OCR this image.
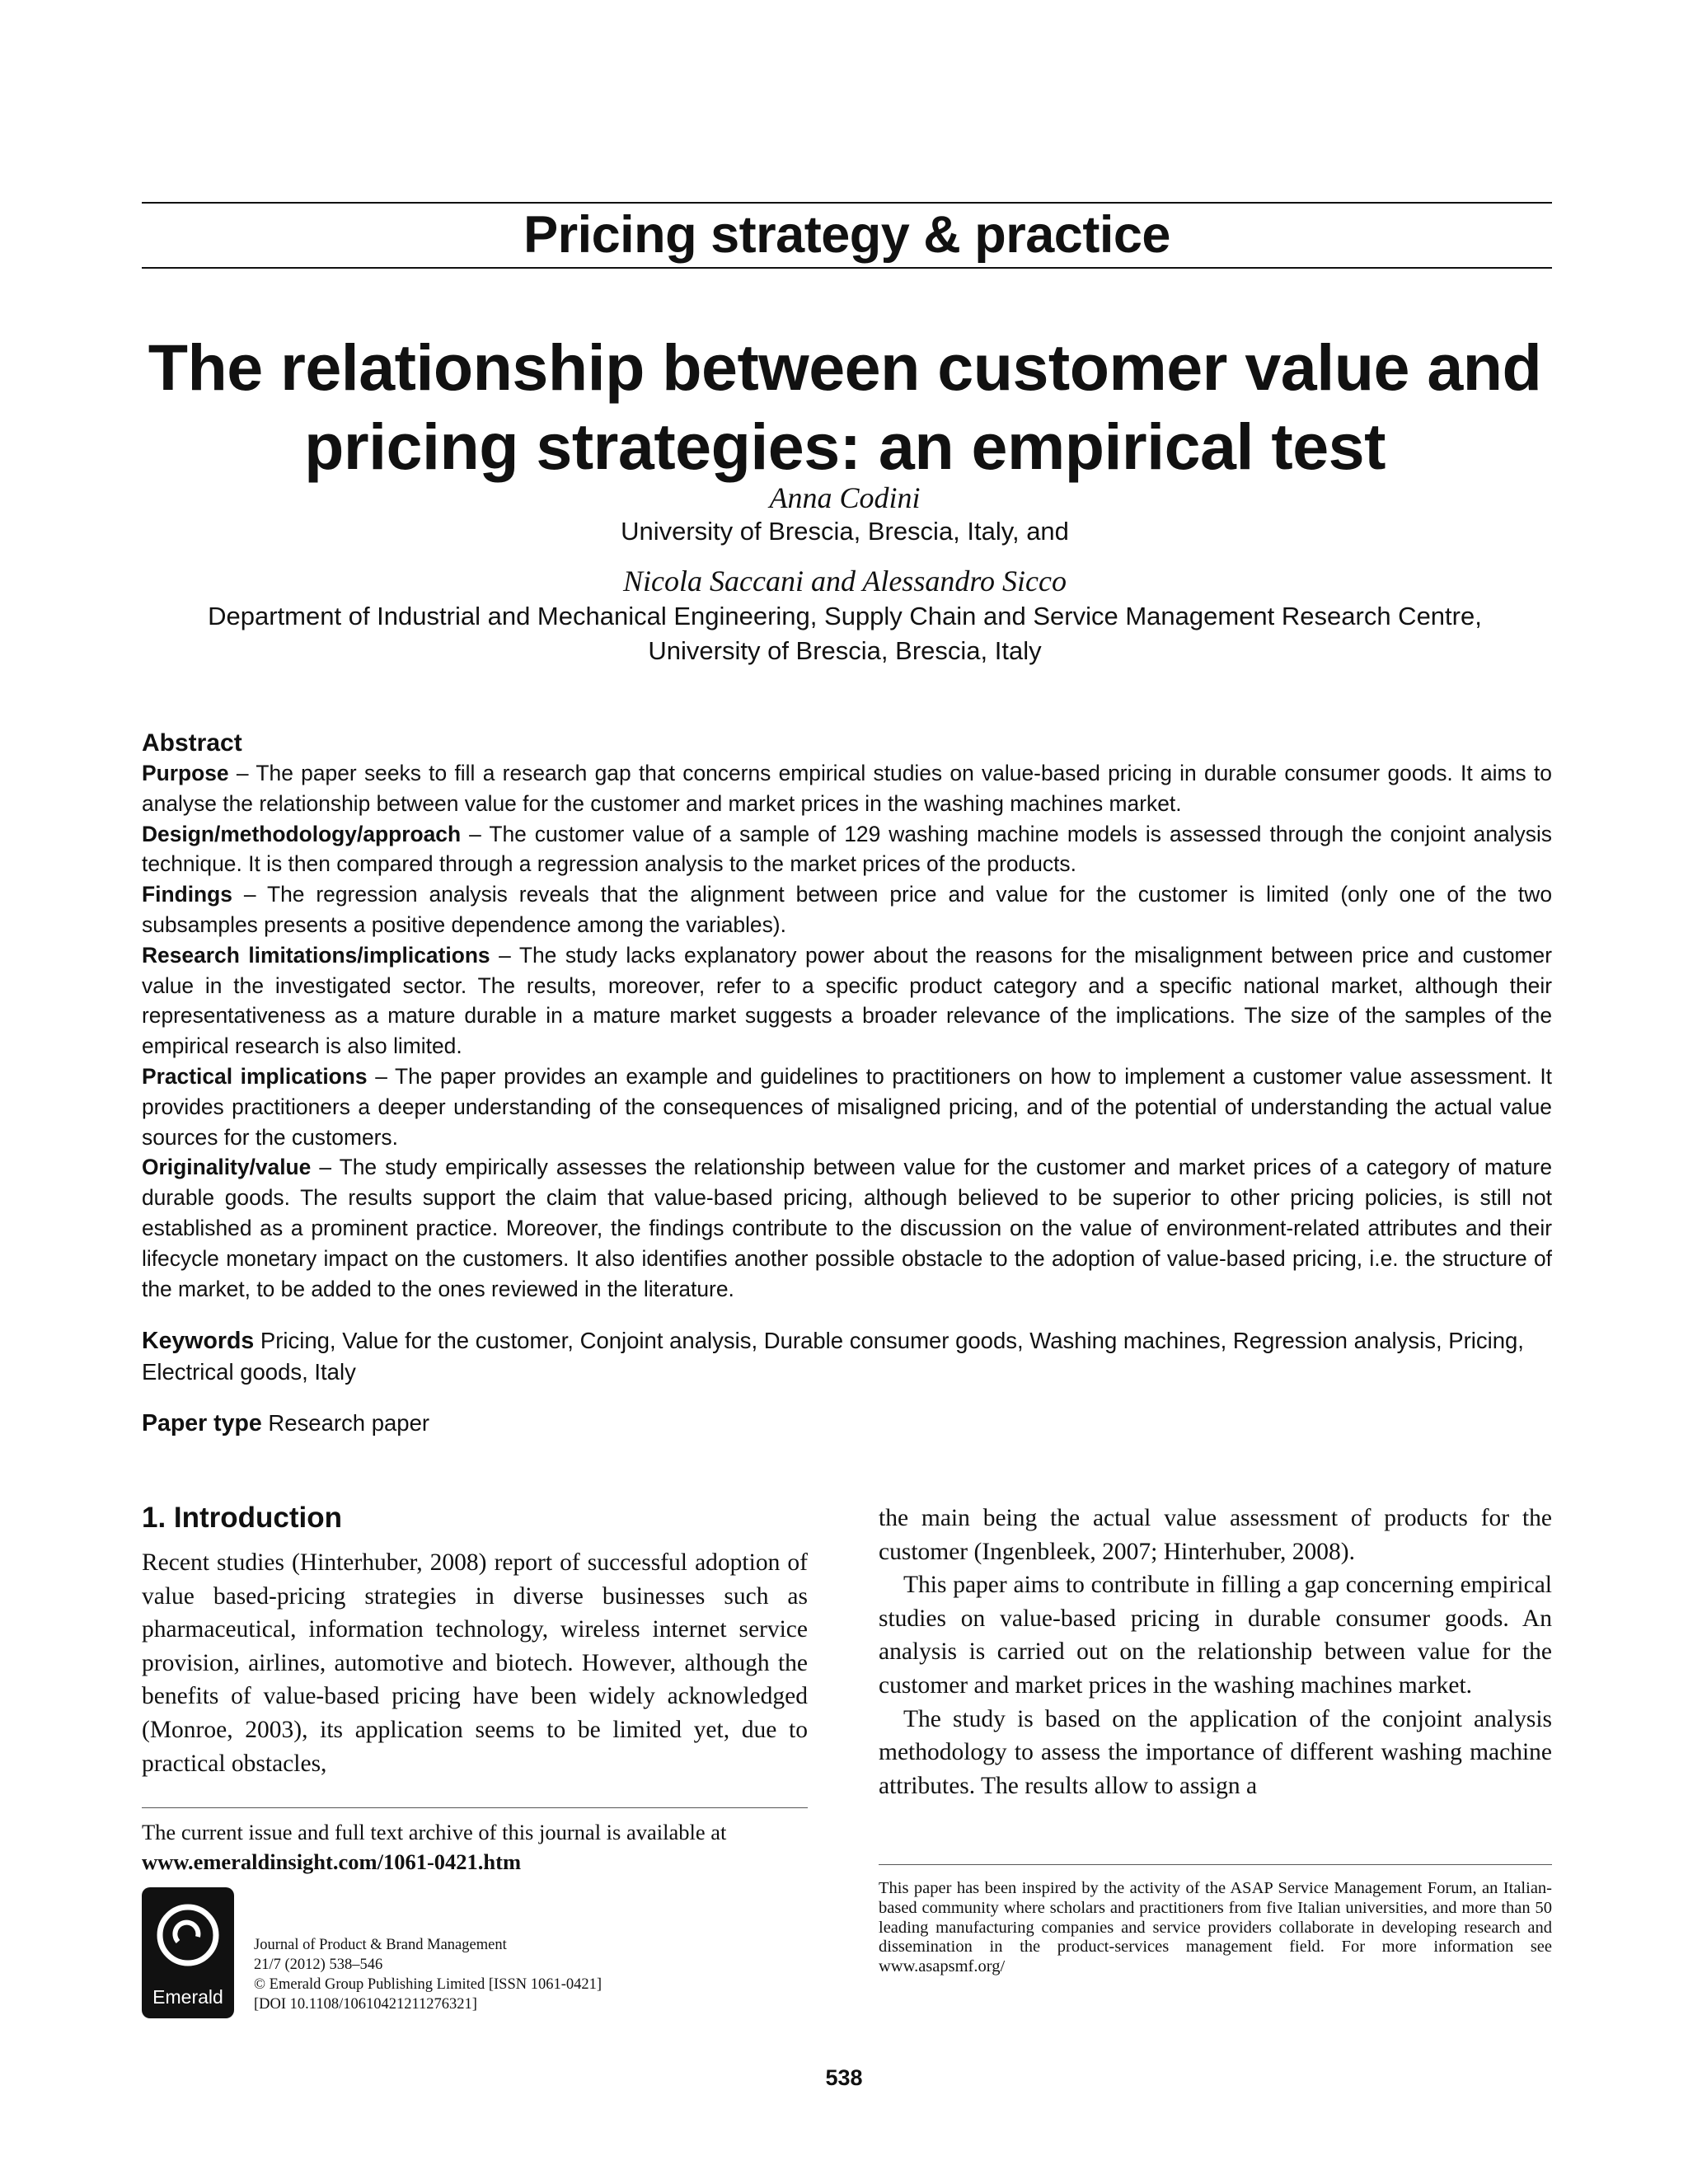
Pricing strategy & practice
The relationship between customer value and pricing strategies: an empirical test
Anna Codini
University of Brescia, Brescia, Italy, and
Nicola Saccani and Alessandro Sicco
Department of Industrial and Mechanical Engineering, Supply Chain and Service Management Research Centre,
University of Brescia, Brescia, Italy
Abstract

Purpose – The paper seeks to fill a research gap that concerns empirical studies on value-based pricing in durable consumer goods. It aims to analyse the relationship between value for the customer and market prices in the washing machines market.

Design/methodology/approach – The customer value of a sample of 129 washing machine models is assessed through the conjoint analysis technique. It is then compared through a regression analysis to the market prices of the products.

Findings – The regression analysis reveals that the alignment between price and value for the customer is limited (only one of the two subsamples presents a positive dependence among the variables).

Research limitations/implications – The study lacks explanatory power about the reasons for the misalignment between price and customer value in the investigated sector. The results, moreover, refer to a specific product category and a specific national market, although their representativeness as a mature durable in a mature market suggests a broader relevance of the implications. The size of the samples of the empirical research is also limited.

Practical implications – The paper provides an example and guidelines to practitioners on how to implement a customer value assessment. It provides practitioners a deeper understanding of the consequences of misaligned pricing, and of the potential of understanding the actual value sources for the customers.

Originality/value – The study empirically assesses the relationship between value for the customer and market prices of a category of mature durable goods. The results support the claim that value-based pricing, although believed to be superior to other pricing policies, is still not established as a prominent practice. Moreover, the findings contribute to the discussion on the value of environment-related attributes and their lifecycle monetary impact on the customers. It also identifies another possible obstacle to the adoption of value-based pricing, i.e. the structure of the market, to be added to the ones reviewed in the literature.

Keywords Pricing, Value for the customer, Conjoint analysis, Durable consumer goods, Washing machines, Regression analysis, Pricing, Electrical goods, Italy

Paper type Research paper

1. Introduction

Recent studies (Hinterhuber, 2008) report of successful adoption of value based-pricing strategies in diverse businesses such as pharmaceutical, information technology, wireless internet service provision, airlines, automotive and biotech. However, although the benefits of value-based pricing have been widely acknowledged (Monroe, 2003), its application seems to be limited yet, due to practical obstacles,

the main being the actual value assessment of products for the customer (Ingenbleek, 2007; Hinterhuber, 2008).

This paper aims to contribute in filling a gap concerning empirical studies on value-based pricing in durable consumer goods. An analysis is carried out on the relationship between value for the customer and market prices in the washing machines market.

The study is based on the application of the conjoint analysis methodology to assess the importance of different washing machine attributes. The results allow to assign a

The current issue and full text archive of this journal is available at
www.emeraldinsight.com/1061-0421.htm
Emerald
Journal of Product & Brand Management
21/7 (2012) 538–546
© Emerald Group Publishing Limited [ISSN 1061-0421]
[DOI 10.1108/10610421211276321]

This paper has been inspired by the activity of the ASAP Service Management Forum, an Italian-based community where scholars and practitioners from five Italian universities, and more than 50 leading manufacturing companies and service providers collaborate in developing research and dissemination in the product-services management field. For more information see www.asapsmf.org/

538
